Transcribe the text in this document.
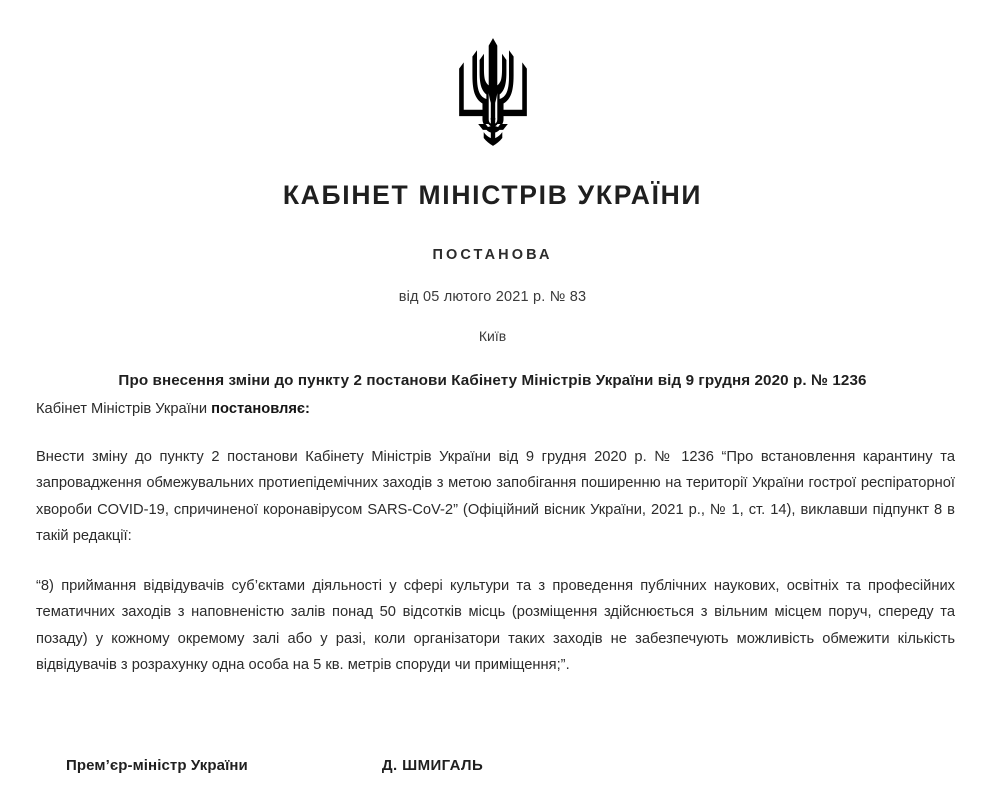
КАБІНЕТ МІНІСТРІВ УКРАЇНИ
ПОСТАНОВА
від 05 лютого 2021 р. № 83
Київ
Про внесення зміни до пункту 2 постанови Кабінету Міністрів України від 9 грудня 2020 р. № 1236

Кабінет Міністрів України постановляє:

Внести зміну до пункту 2 постанови Кабінету Міністрів України від 9 грудня 2020 р. № 1236 “Про встановлення карантину та запровадження обмежувальних протиепідемічних заходів з метою запобігання поширенню на території України гострої респіраторної хвороби COVID-19, спричиненої коронавірусом SARS-CoV-2” (Офіційний вісник України, 2021 р., № 1, ст. 14), виклавши підпункт 8 в такій редакції:

“8) приймання відвідувачів суб’єктами діяльності у сфері культури та з проведення публічних наукових, освітніх та професійних тематичних заходів з наповненістю залів понад 50 відсотків місць (розміщення здійснюється з вільним місцем поруч, спереду та позаду) у кожному окремому залі або у разі, коли організатори таких заходів не забезпечують можливість обмежити кількість відвідувачів з розрахунку одна особа на 5 кв. метрів споруди чи приміщення;”.

Прем’єр-міністр України	Д. ШМИГАЛЬ
